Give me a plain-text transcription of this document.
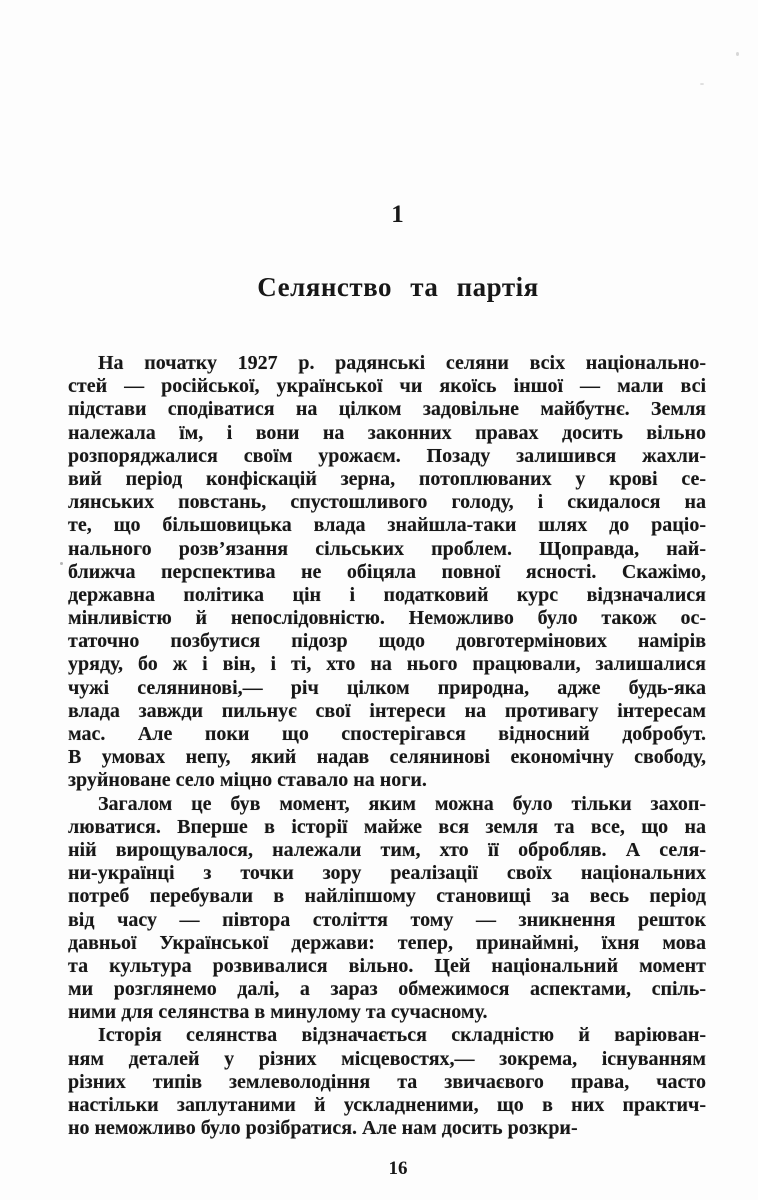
1
Селянство та партія
На початку 1927 р. радянські селяни всіх національно-
стей — російської, української чи якоїсь іншої — мали всі
підстави сподіватися на цілком задовільне майбутнє. Земля
належала їм, і вони на законних правах досить вільно
розпоряджалися своїм урожаєм. Позаду залишився жахли-
вий період конфіскацій зерна, потоплюваних у крові се-
лянських повстань, спустошливого голоду, і скидалося на
те, що більшовицька влада знайшла-таки шлях до раціо-
нального розв’язання сільських проблем. Щоправда, най-
ближча перспектива не обіцяла повної ясності. Скажімо,
державна політика цін і податковий курс відзначалися
мінливістю й непослідовністю. Неможливо було також ос-
таточно позбутися підозр щодо довготермінових намірів
уряду, бо ж і він, і ті, хто на нього працювали, залишалися
чужі селянинові,— річ цілком природна, адже будь-яка
влада завжди пильнує свої інтереси на противагу інтересам
мас. Але поки що спостерігався відносний добробут.
В умовах непу, який надав селянинові економічну свободу,
зруйноване село міцно ставало на ноги.
Загалом це був момент, яким можна було тільки захоп-
люватися. Вперше в історії майже вся земля та все, що на
ній вирощувалося, належали тим, хто її обробляв. А селя-
ни-українці з точки зору реалізації своїх національних
потреб перебували в найліпшому становищі за весь період
від часу — півтора століття тому — зникнення решток
давньої Української держави: тепер, принаймні, їхня мова
та культура розвивалися вільно. Цей національний момент
ми розглянемо далі, а зараз обмежимося аспектами, спіль-
ними для селянства в минулому та сучасному.
Історія селянства відзначається складністю й варіюван-
ням деталей у різних місцевостях,— зокрема, існуванням
різних типів землеволодіння та звичаєвого права, часто
настільки заплутаними й ускладненими, що в них практич-
но неможливо було розібратися. Але нам досить розкри-
16
